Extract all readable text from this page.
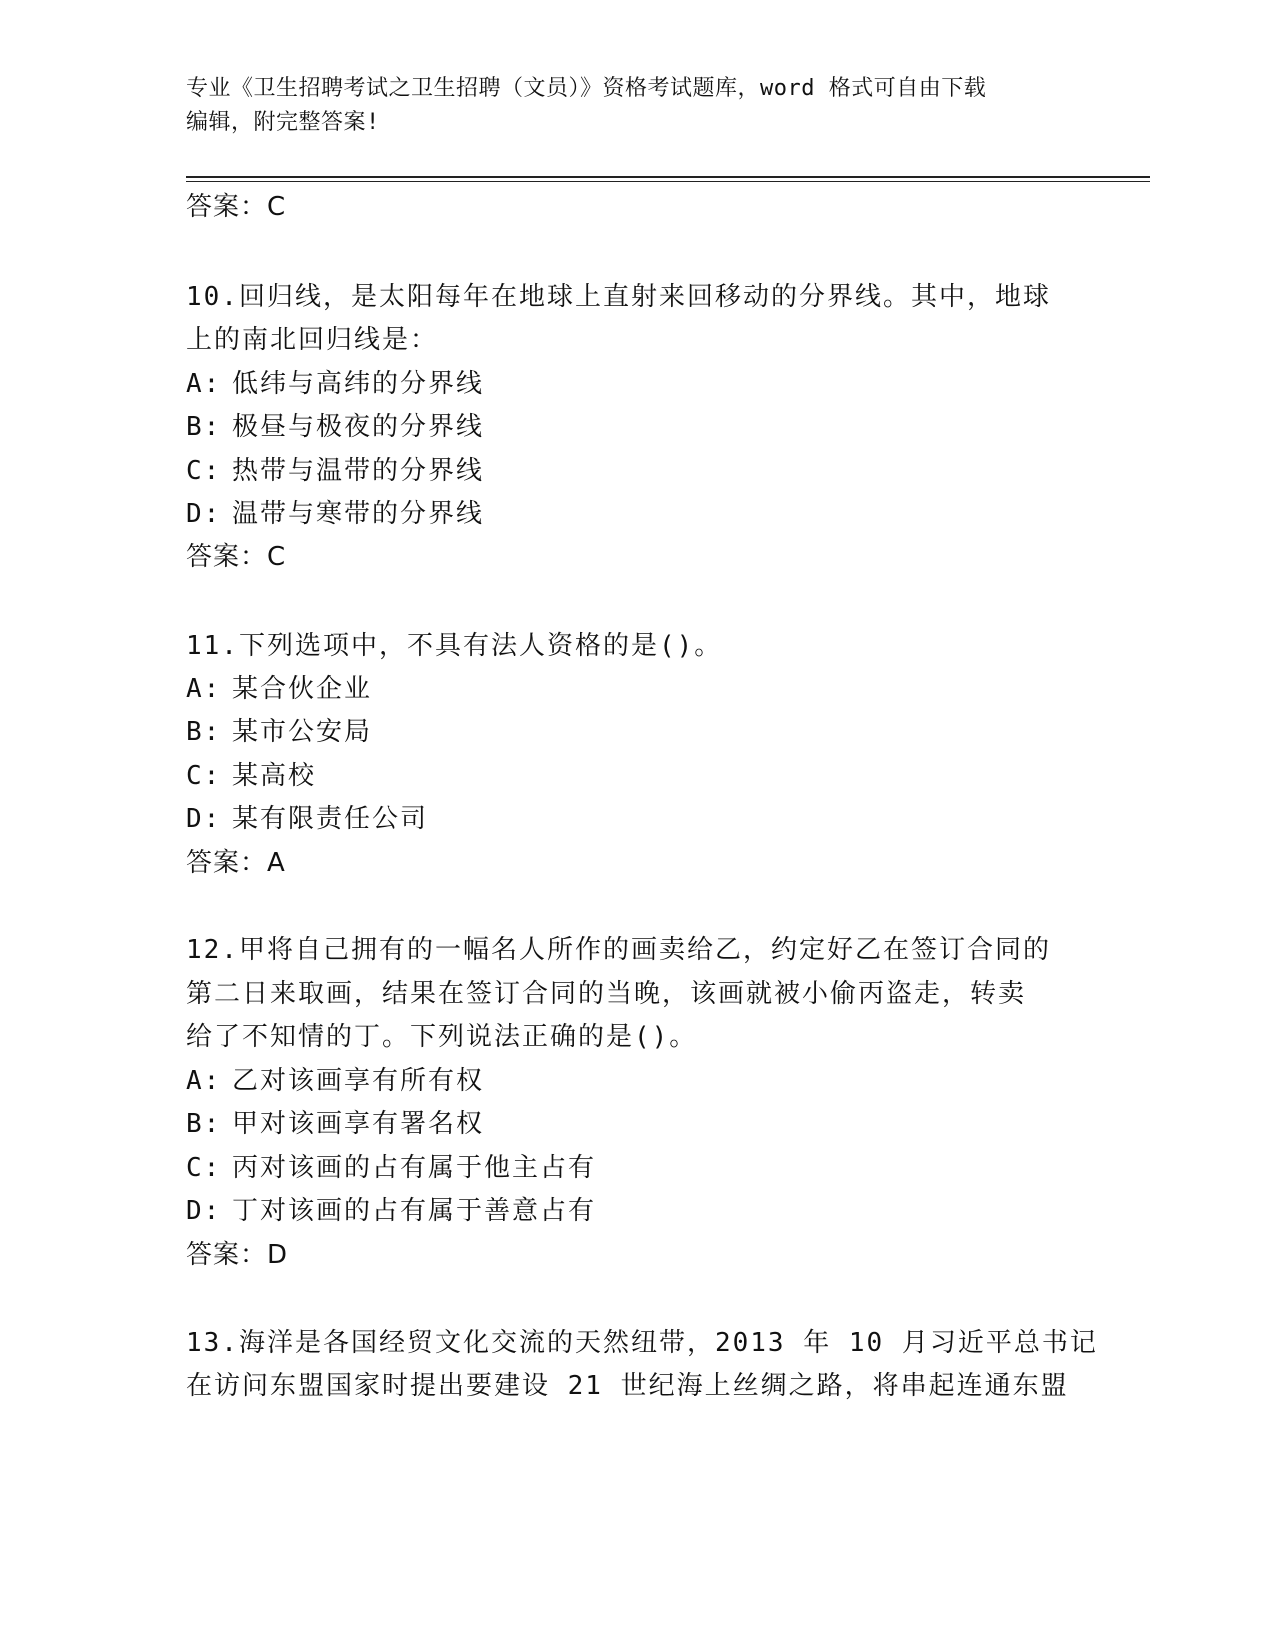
专业《卫生招聘考试之卫生招聘（文员）》资格考试题库，word 格式可自由下载
编辑，附完整答案!
答案：C
10.回归线，是太阳每年在地球上直射来回移动的分界线。其中，地球
上的南北回归线是：
A: 低纬与高纬的分界线
B: 极昼与极夜的分界线
C: 热带与温带的分界线
D: 温带与寒带的分界线
答案：C
11.下列选项中，不具有法人资格的是()。
A: 某合伙企业
B: 某市公安局
C: 某高校
D: 某有限责任公司
答案：A
12.甲将自己拥有的一幅名人所作的画卖给乙，约定好乙在签订合同的
第二日来取画，结果在签订合同的当晚，该画就被小偷丙盗走，转卖
给了不知情的丁。下列说法正确的是()。
A: 乙对该画享有所有权
B: 甲对该画享有署名权
C: 丙对该画的占有属于他主占有
D: 丁对该画的占有属于善意占有
答案：D
13.海洋是各国经贸文化交流的天然纽带，2013 年 10 月习近平总书记
在访问东盟国家时提出要建设 21 世纪海上丝绸之路，将串起连通东盟
